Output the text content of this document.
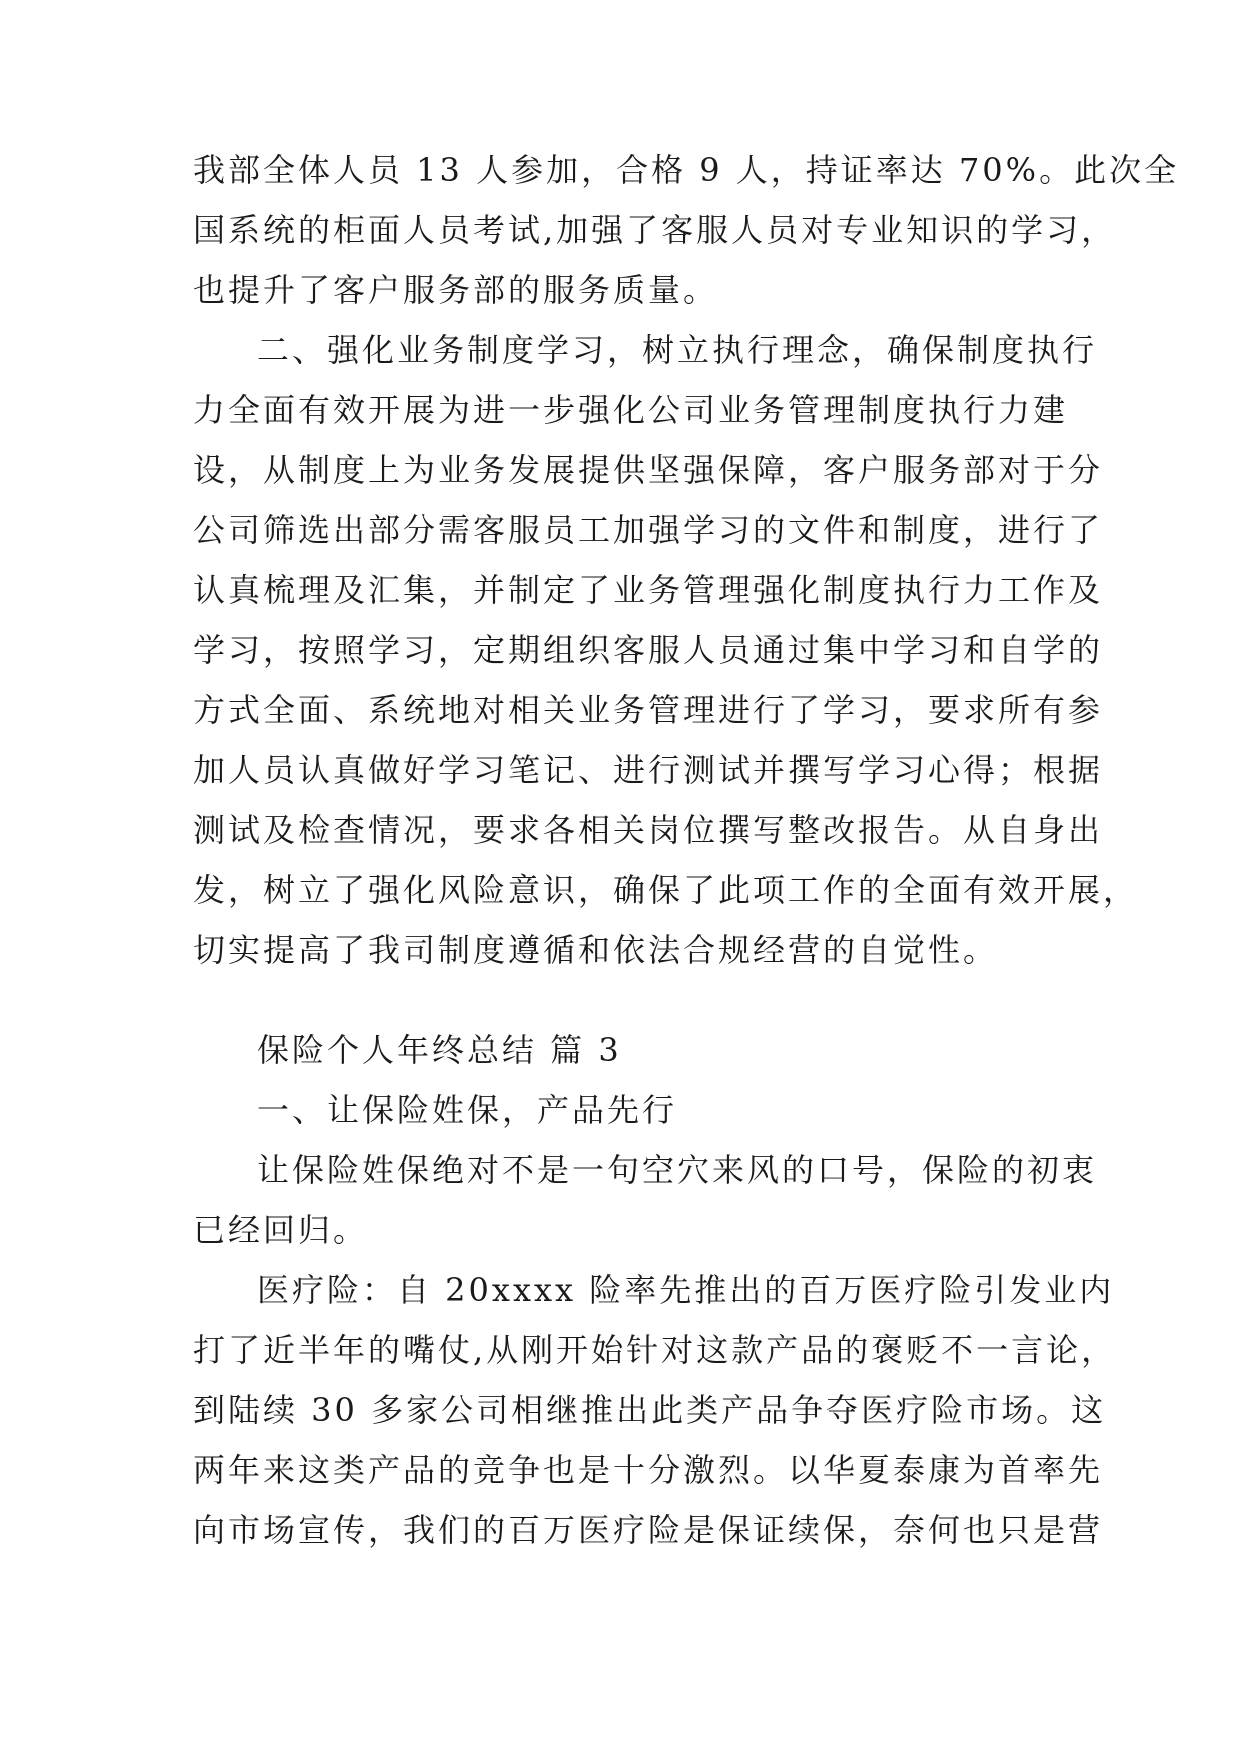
我部全体人员 13 人参加，合格 9 人，持证率达 70%。此次全
国系统的柜面人员考试,加强了客服人员对专业知识的学习，
也提升了客户服务部的服务质量。
二、强化业务制度学习，树立执行理念，确保制度执行
力全面有效开展为进一步强化公司业务管理制度执行力建
设，从制度上为业务发展提供坚强保障，客户服务部对于分
公司筛选出部分需客服员工加强学习的文件和制度，进行了
认真梳理及汇集，并制定了业务管理强化制度执行力工作及
学习，按照学习，定期组织客服人员通过集中学习和自学的
方式全面、系统地对相关业务管理进行了学习，要求所有参
加人员认真做好学习笔记、进行测试并撰写学习心得；根据
测试及检查情况，要求各相关岗位撰写整改报告。从自身出
发，树立了强化风险意识，确保了此项工作的全面有效开展，
切实提高了我司制度遵循和依法合规经营的自觉性。
保险个人年终总结 篇 3
一、让保险姓保，产品先行
让保险姓保绝对不是一句空穴来风的口号，保险的初衷
已经回归。
医疗险：自 20xxxx 险率先推出的百万医疗险引发业内
打了近半年的嘴仗,从刚开始针对这款产品的褒贬不一言论，
到陆续 30 多家公司相继推出此类产品争夺医疗险市场。这
两年来这类产品的竞争也是十分激烈。以华夏泰康为首率先
向市场宣传，我们的百万医疗险是保证续保，奈何也只是营
